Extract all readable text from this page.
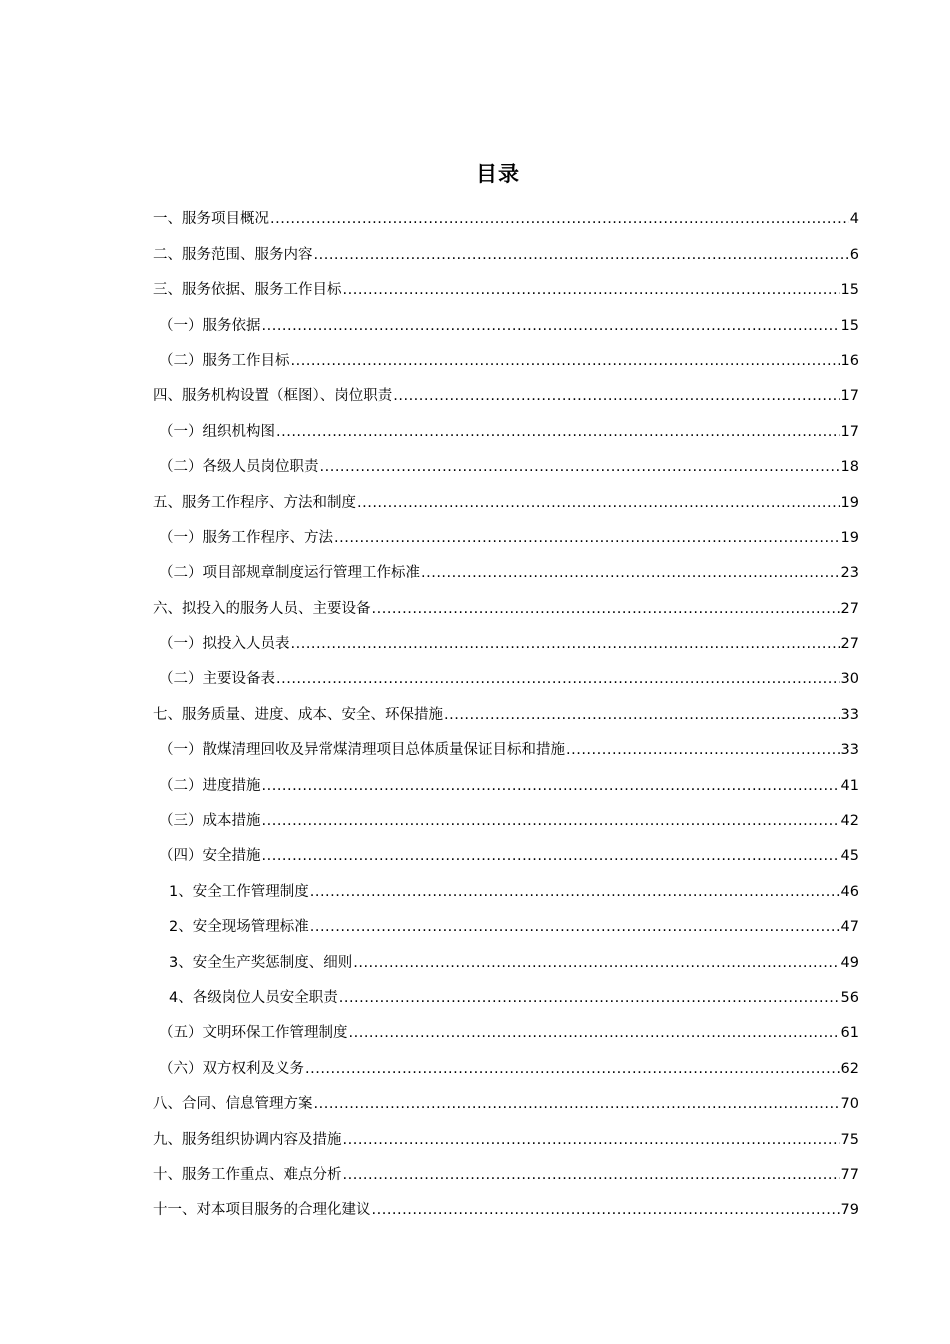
目录
一、服务项目概况 .....	4
二、服务范围、服务内容 .....	6
三、服务依据、服务工作目标 .....	15
（一）服务依据 .....	15
（二）服务工作目标 .....	16
四、服务机构设置（框图）、岗位职责 .....	17
（一）组织机构图 .....	17
（二）各级人员岗位职责 .....	18
五、服务工作程序、方法和制度 .....	19
（一）服务工作程序、方法 .....	19
（二）项目部规章制度运行管理工作标准 .....	23
六、拟投入的服务人员、主要设备 .....	27
（一）拟投入人员表 .....	27
（二）主要设备表 .....	30
七、服务质量、进度、成本、安全、环保措施 .....	33
（一）散煤清理回收及异常煤清理项目总体质量保证目标和措施 .....	33
（二）进度措施 .....	41
（三）成本措施 .....	42
（四）安全措施 .....	45
1、安全工作管理制度 .....	46
2、安全现场管理标准 .....	47
3、安全生产奖惩制度、细则 .....	49
4、各级岗位人员安全职责 .....	56
（五）文明环保工作管理制度 .....	61
（六）双方权利及义务 .....	62
八、合同、信息管理方案 .....	70
九、服务组织协调内容及措施 .....	75
十、服务工作重点、难点分析 .....	77
十一、对本项目服务的合理化建议 .....	79
